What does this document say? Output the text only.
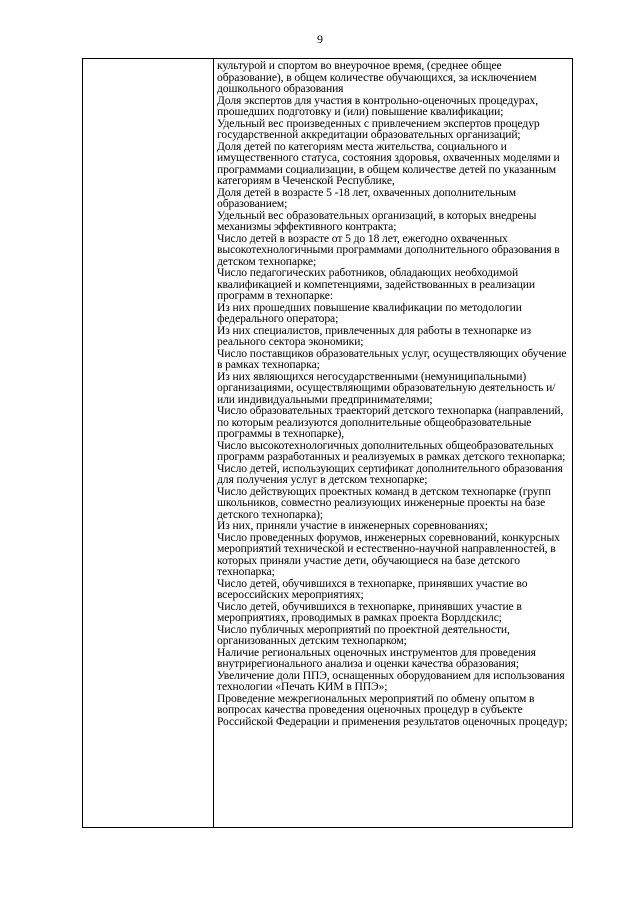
9

культурой и спортом во внеурочное время, (среднее общее образование), в общем количестве обучающихся, за исключением дошкольного образования
Доля экспертов для участия в контрольно-оценочных процедурах, прошедших подготовку и (или) повышение квалификации;
Удельный вес произведенных с привлечением экспертов процедур государственной аккредитации образовательных организаций;
Доля детей по категориям места жительства, социального и имущественного статуса, состояния здоровья, охваченных моделями и программами социализации, в общем количестве детей по указанным категориям в Чеченской Республике,
Доля детей в возрасте 5 -18 лет, охваченных дополнительным образованием;
Удельный вес образовательных организаций, в которых внедрены механизмы эффективного контракта;
Число детей в возрасте от 5 до 18 лет, ежегодно охваченных высокотехнологичными программами дополнительного образования в детском технопарке;
Число педагогических работников, обладающих необходимой квалификацией и компетенциями, задействованных в реализации программ в технопарке:
Из них прошедших повышение квалификации по методологии федерального оператора;
Из них специалистов, привлеченных для работы в технопарке из реального сектора экономики;
Число поставщиков образовательных услуг, осуществляющих обучение в рамках технопарка;
Из них являющихся негосударственными (немуниципальными) организациями, осуществляющими образовательную деятельность и/или индивидуальными предпринимателями;
Число образовательных траекторий детского технопарка (направлений, по которым реализуются дополнительные общеобразовательные программы в технопарке),
Число высокотехнологичных дополнительных общеобразовательных программ разработанных и реализуемых в рамках детского технопарка;
Число детей, использующих сертификат дополнительного образования для получения услуг в детском технопарке;
Число действующих проектных команд в детском технопарке (групп школьников, совместно реализующих инженерные проекты на базе детского технопарка);
Из них, приняли участие в инженерных соревнованиях;
Число проведенных форумов, инженерных соревнований, конкурсных мероприятий технической и естественно-научной направленностей, в которых приняли участие дети, обучающиеся на базе детского технопарка;
Число детей, обучившихся в технопарке, принявших участие во всероссийских мероприятиях;
Число детей, обучившихся в технопарке, принявших участие в мероприятиях, проводимых в рамках проекта Ворлдскилс;
Число публичных мероприятий по проектной деятельности, организованных детским технопарком;
Наличие региональных оценочных инструментов для проведения внутрирегионального анализа и оценки качества образования;
Увеличение доли ППЭ, оснащенных оборудованием для использования технологии «Печать КИМ в ППЭ»;
Проведение межрегиональных мероприятий по обмену опытом в вопросах качества проведения оценочных процедур в субъекте Российской Федерации и применения результатов оценочных процедур;
